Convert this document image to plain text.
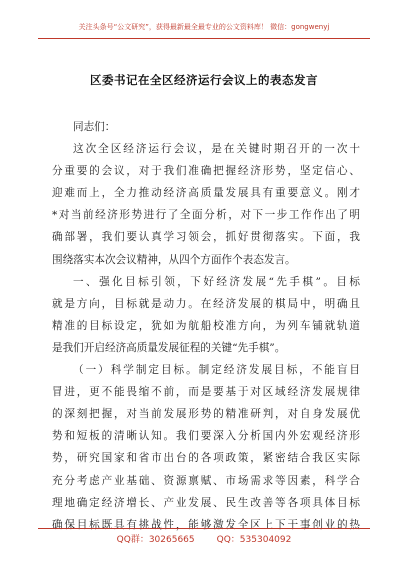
关注头条号“公文研究”，获得最新最全最专业的公文资料库！ 微信：gongwenyj
区委书记在全区经济运行会议上的表态发言
同志们：
这次全区经济运行会议，是在关键时期召开的一次十
分重要的会议，对于我们准确把握经济形势，坚定信心、
迎难而上，全力推动经济高质量发展具有重要意义。刚才
*对当前经济形势进行了全面分析，对下一步工作作出了明
确部署，我们要认真学习领会，抓好贯彻落实。下面，我
围绕落实本次会议精神，从四个方面作个表态发言。
一、强化目标引领，下好经济发展“先手棋”。目标
就是方向，目标就是动力。在经济发展的棋局中，明确且
精准的目标设定，犹如为航船校准方向，为列车铺就轨道
是我们开启经济高质量发展征程的关键“先手棋”。
（一）科学制定目标。制定经济发展目标，不能盲目
冒进，更不能畏缩不前，而是要基于对区域经济发展规律
的深刻把握，对当前发展形势的精准研判，对自身发展优
势和短板的清晰认知。我们要深入分析国内外宏观经济形
势，研究国家和省市出台的各项政策，紧密结合我区实际
充分考虑产业基础、资源禀赋、市场需求等因素，科学合
理地确定经济增长、产业发展、民生改善等各项具体目标
确保目标既具有挑战性，能够激发全区上下干事创业的热
QQ群：30265665 QQ：535304092
